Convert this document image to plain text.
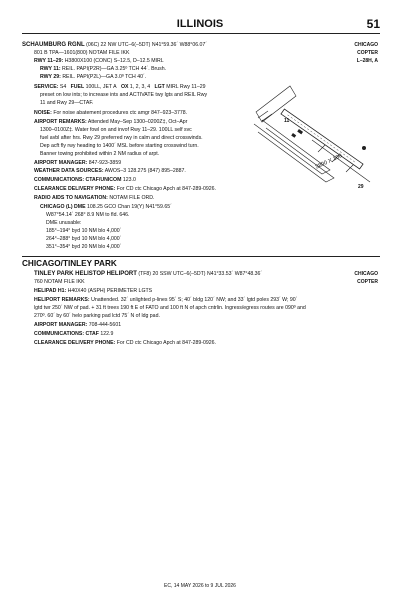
ILLINOIS	51
SCHAUMBURG RGNL (06C) 22 NW UTC–6(–5DT) N41°59.36´ W88°06.07´
801 B TPA—1601(800) NOTAM FILE IKK
RWY 11–29: H3800X100 (CONC) S–12.5, D–12.5 MIRL
RWY 11: REIL. PAPI(P2R)—GA 3.25º TCH 44´. Brush.
RWY 29: REIL. PAPI(P2L)—GA 3.0º TCH 40´.
SERVICE: S4 FUEL 100LL, JET A OX 1, 2, 3, 4 LGT MIRL Rwy 11–29
preset on low ints; to increase ints and ACTIVATE twy lgts and REIL Rwy
11 and Rwy 29—CTAF.
NOISE: For noise abatement procedures ctc amgr 847–923–3778.
AIRPORT REMARKS: Attended May–Sep 1300–0200Z‡, Oct–Apr
1300–0100Z‡. Water fowl on and invof Rwy 11–29. 100LL self svc
fuel avbl after hrs. Rwy 29 preferred rwy in calm and direct crosswinds.
Dep acft fly rwy heading to 1400´ MSL before starting crosswind turn.
Banner towing prohibited within 2 NM radius of arpt.
AIRPORT MANAGER: 847-923-3859
WEATHER DATA SOURCES: AWOS–3 128.275 (847) 895–2887.
COMMUNICATIONS: CTAF/UNICOM 123.0
CLEARANCE DELIVERY PHONE: For CD ctc Chicago Apch at 847-289-0926.
RADIO AIDS TO NAVIGATION: NOTAM FILE ORD.
CHICAGO (L) DME 108.25 GCO Chan 19(Y) N41°59.65´
W87°54.14´ 268° 8.9 NM to fld. 646.
DME unusable:
185°–194° byd 10 NM blo 4,000´
264°–288° byd 10 NM blo 4,000´
351°–354° byd 20 NM blo 4,000´
CHICAGO
COPTER
L–28H, A
3800 X 100
11
29
CHICAGO/TINLEY PARK
TINLEY PARK HELISTOP HELIPORT (TF8) 20 SSW UTC–6(–5DT) N41°33.53´ W87°48.36´
760 NOTAM FILE IKK
HELIPAD H1: H40X40 (ASPH) PERIMETER LGTS
HELIPORT REMARKS: Unattended. 32´ unlighted p-lines 95´ S; 40´ bldg 120´ NW; and 33´ lgtd poles 293´ W; 90´
lgtd twr 250´ NW of pad. + 31 ft trees 190 ft E of FATO and 100 ft N of apch cntrlin. Ingress/egress routes are 090º and
270º. 60´ by 60´ helo parking pad lctd 75´ N of ldg pad.
AIRPORT MANAGER: 708-444-5601
COMMUNICATIONS: CTAF 122.9
CLEARANCE DELIVERY PHONE: For CD ctc Chicago Apch at 847-289-0926.
CHICAGO
COPTER
EC, 14 MAY 2026 to 9 JUL 2026
